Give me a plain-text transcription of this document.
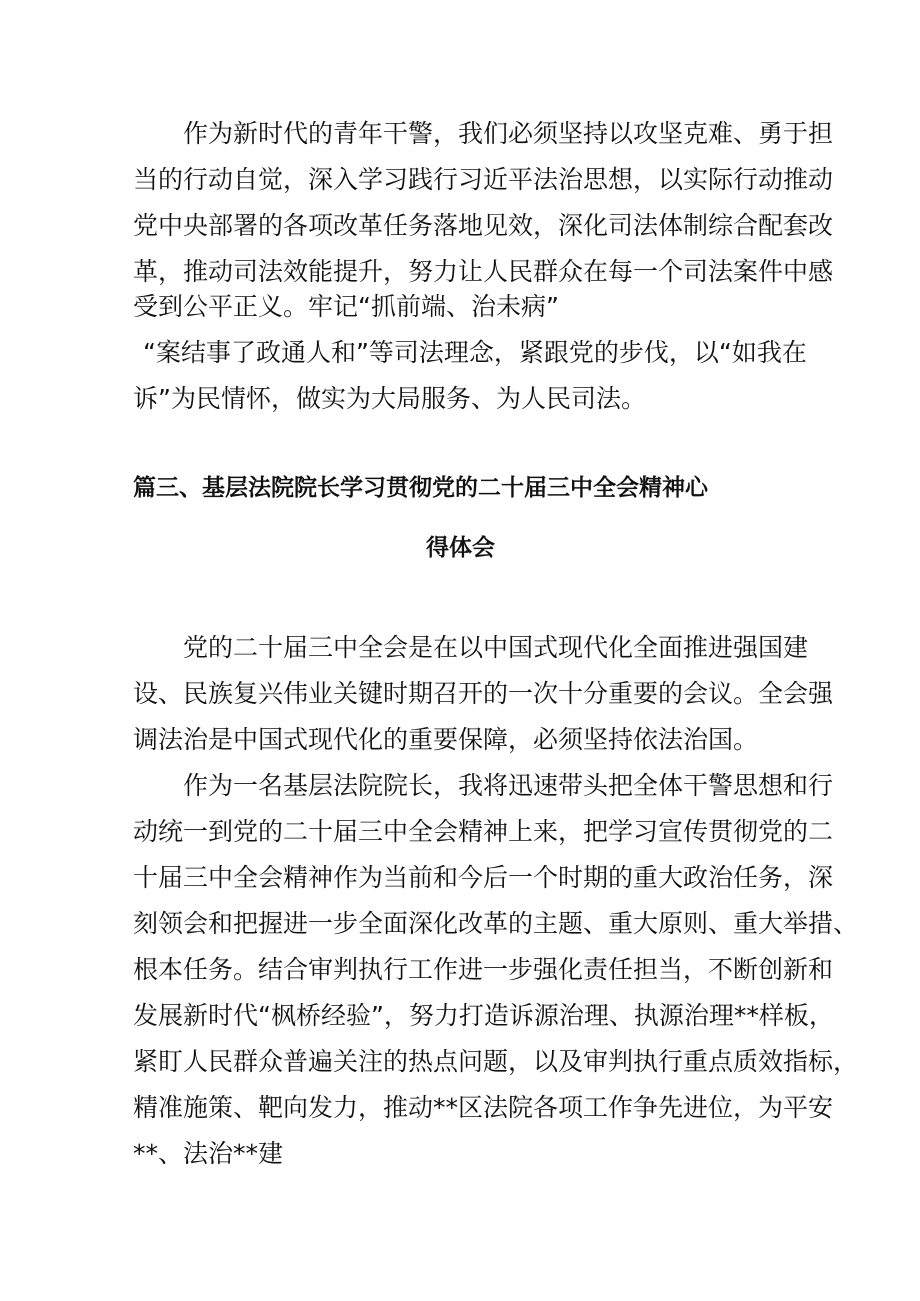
作为新时代的青年干警，我们必须坚持以攻坚克难、勇于担
当的行动自觉，深入学习践行习近平法治思想，以实际行动推动
党中央部署的各项改革任务落地见效，深化司法体制综合配套改
革，推动司法效能提升，努力让人民群众在每一个司法案件中感
受到公平正义。牢记“抓前端、治未病”
“案结事了政通人和”等司法理念，紧跟党的步伐，以“如我在
诉”为民情怀，做实为大局服务、为人民司法。
篇三、基层法院院长学习贯彻党的二十届三中全会精神心
得体会
党的二十届三中全会是在以中国式现代化全面推进强国建
设、民族复兴伟业关键时期召开的一次十分重要的会议。全会强
调法治是中国式现代化的重要保障，必须坚持依法治国。
作为一名基层法院院长，我将迅速带头把全体干警思想和行
动统一到党的二十届三中全会精神上来，把学习宣传贯彻党的二
十届三中全会精神作为当前和今后一个时期的重大政治任务，深
刻领会和把握进一步全面深化改革的主题、重大原则、重大举措、
根本任务。结合审判执行工作进一步强化责任担当，不断创新和
发展新时代“枫桥经验”，努力打造诉源治理、执源治理**样板，
紧盯人民群众普遍关注的热点问题，以及审判执行重点质效指标，
精准施策、靶向发力，推动**区法院各项工作争先进位，为平安
**、法治**建
